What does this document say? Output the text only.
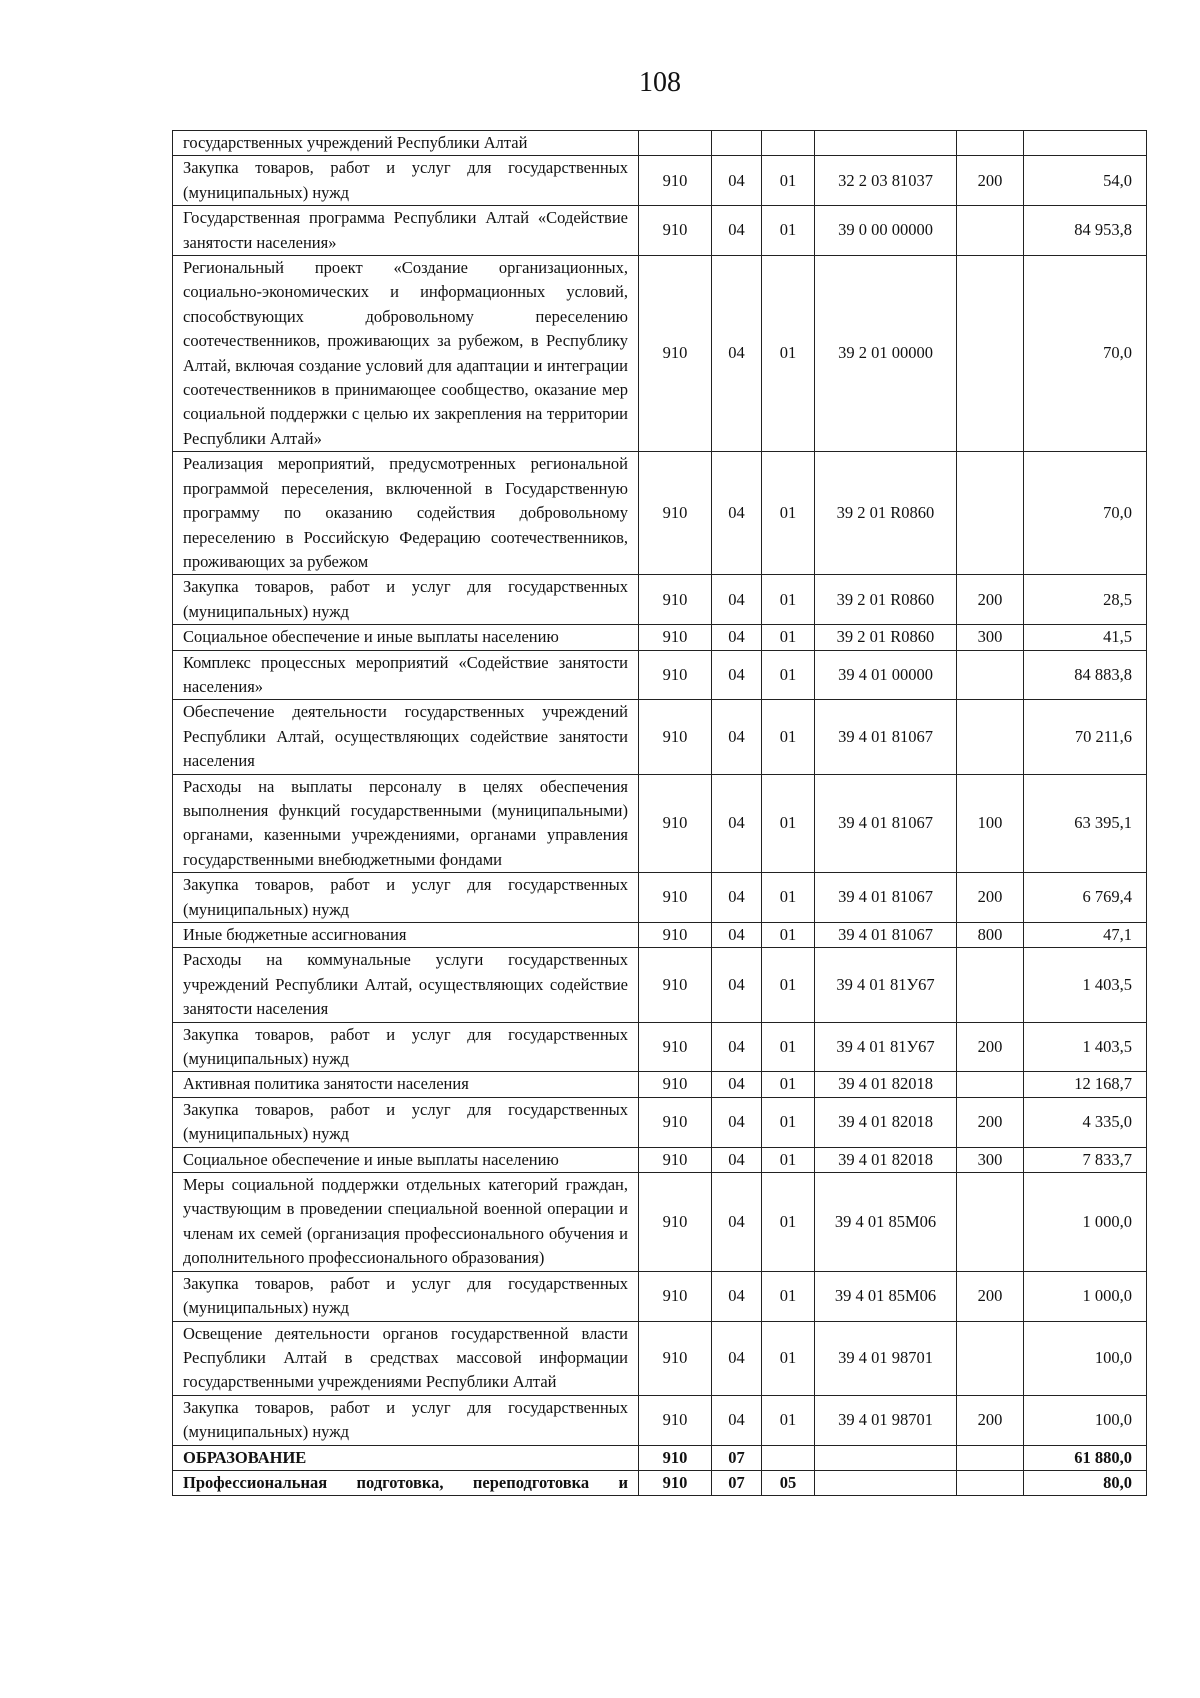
108
государственных учреждений Республики Алтай						
Закупка товаров, работ и услуг для государственных (муниципальных) нужд	910	04	01	32 2 03 81037	200	54,0
Государственная программа Республики Алтай «Содействие занятости населения»	910	04	01	39 0 00 00000		84 953,8
Региональный проект «Создание организационных, социально-экономических и информационных условий, способствующих добровольному переселению соотечественников, проживающих за рубежом, в Республику Алтай, включая создание условий для адаптации и интеграции соотечественников в принимающее сообщество, оказание мер социальной поддержки с целью их закрепления на территории Республики Алтай»	910	04	01	39 2 01 00000		70,0
Реализация мероприятий, предусмотренных региональной программой переселения, включенной в Государственную программу по оказанию содействия добровольному переселению в Российскую Федерацию соотечественников, проживающих за рубежом	910	04	01	39 2 01 R0860		70,0
Закупка товаров, работ и услуг для государственных (муниципальных) нужд	910	04	01	39 2 01 R0860	200	28,5
Социальное обеспечение и иные выплаты населению	910	04	01	39 2 01 R0860	300	41,5
Комплекс процессных мероприятий «Содействие занятости населения»	910	04	01	39 4 01 00000		84 883,8
Обеспечение деятельности государственных учреждений Республики Алтай, осуществляющих содействие занятости населения	910	04	01	39 4 01 81067		70 211,6
Расходы на выплаты персоналу в целях обеспечения выполнения функций государственными (муниципальными) органами, казенными учреждениями, органами управления государственными внебюджетными фондами	910	04	01	39 4 01 81067	100	63 395,1
Закупка товаров, работ и услуг для государственных (муниципальных) нужд	910	04	01	39 4 01 81067	200	6 769,4
Иные бюджетные ассигнования	910	04	01	39 4 01 81067	800	47,1
Расходы на коммунальные услуги государственных учреждений Республики Алтай, осуществляющих содействие занятости населения	910	04	01	39 4 01 81У67		1 403,5
Закупка товаров, работ и услуг для государственных (муниципальных) нужд	910	04	01	39 4 01 81У67	200	1 403,5
Активная политика занятости населения	910	04	01	39 4 01 82018		12 168,7
Закупка товаров, работ и услуг для государственных (муниципальных) нужд	910	04	01	39 4 01 82018	200	4 335,0
Социальное обеспечение и иные выплаты населению	910	04	01	39 4 01 82018	300	7 833,7
Меры социальной поддержки отдельных категорий граждан, участвующим в проведении специальной военной операции и членам их семей (организация профессионального обучения и дополнительного профессионального образования)	910	04	01	39 4 01 85М06		1 000,0
Закупка товаров, работ и услуг для государственных (муниципальных) нужд	910	04	01	39 4 01 85М06	200	1 000,0
Освещение деятельности органов государственной власти Республики Алтай в средствах массовой информации государственными учреждениями Республики Алтай	910	04	01	39 4 01 98701		100,0
Закупка товаров, работ и услуг для государственных (муниципальных) нужд	910	04	01	39 4 01 98701	200	100,0
ОБРАЗОВАНИЕ	910	07				61 880,0
Профессиональная подготовка, переподготовка и	910	07	05			80,0
